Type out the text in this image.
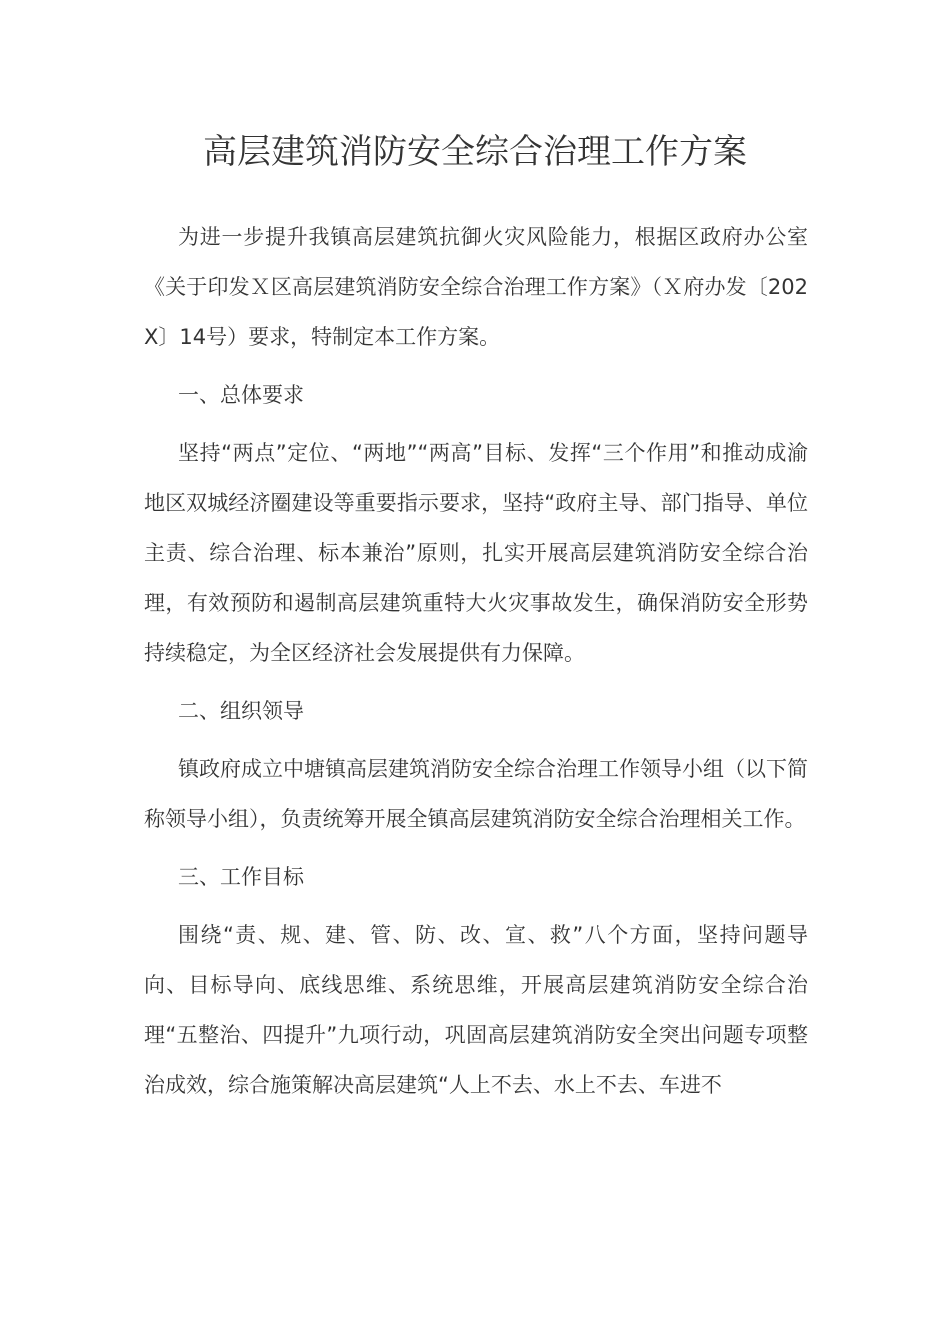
高层建筑消防安全综合治理工作方案

为进一步提升我镇高层建筑抗御火灾风险能力，根据区政府办公室《关于印发Ｘ区高层建筑消防安全综合治理工作方案》（Ｘ府办发〔202X〕14号）要求，特制定本工作方案。

一、总体要求

坚持“两点”定位、“两地”“两高”目标、发挥“三个作用”和推动成渝地区双城经济圈建设等重要指示要求，坚持“政府主导、部门指导、单位主责、综合治理、标本兼治”原则，扎实开展高层建筑消防安全综合治理，有效预防和遏制高层建筑重特大火灾事故发生，确保消防安全形势持续稳定，为全区经济社会发展提供有力保障。

二、组织领导

镇政府成立中塘镇高层建筑消防安全综合治理工作领导小组（以下简称领导小组），负责统筹开展全镇高层建筑消防安全综合治理相关工作。

三、工作目标

围绕“责、规、建、管、防、改、宣、救”八个方面，坚持问题导向、目标导向、底线思维、系统思维，开展高层建筑消防安全综合治理“五整治、四提升”九项行动，巩固高层建筑消防安全突出问题专项整治成效，综合施策解决高层建筑“人上不去、水上不去、车进不
